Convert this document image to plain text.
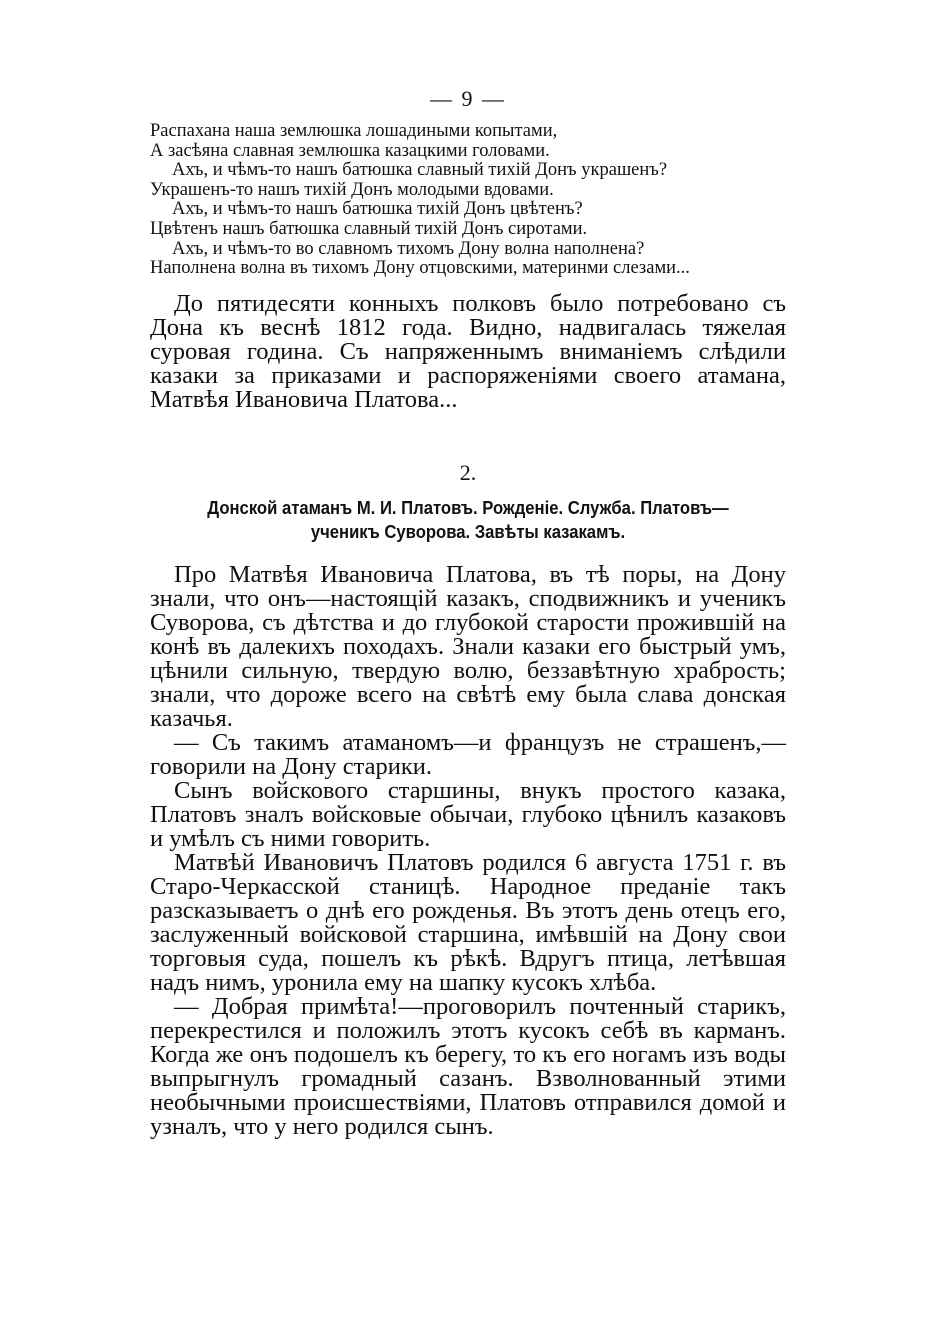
— 9 —
Распахана наша землюшка лошадиными копытами,
А засѣяна славная землюшка казацкими головами.
Ахъ, и чѣмъ-то нашъ батюшка славный тихій Донъ украшенъ?
Украшенъ-то нашъ тихій Донъ молодыми вдовами.
Ахъ, и чѣмъ-то нашъ батюшка тихій Донъ цвѣтенъ?
Цвѣтенъ нашъ батюшка славный тихій Донъ сиротами.
Ахъ, и чѣмъ-то во славномъ тихомъ Дону волна наполнена?
Наполнена волна въ тихомъ Дону отцовскими, материнми слезами...

До пятидесяти конныхъ полковъ было потребовано съ Дона къ веснѣ 1812 года. Видно, надвигалась тяжелая суровая година. Съ напряженнымъ вниманіемъ слѣдили казаки за приказами и распоряженіями своего атамана, Матвѣя Ивановича Платова...

2.
Донской атаманъ М. И. Платовъ. Рожденіе. Служба. Платовъ—
ученикъ Суворова. Завѣты казакамъ.

Про Матвѣя Ивановича Платова, въ тѣ поры, на Дону знали, что онъ—настоящій казакъ, сподвижникъ и ученикъ Суворова, съ дѣтства и до глубокой старости прожившій на конѣ въ далекихъ походахъ. Знали казаки его быстрый умъ, цѣнили сильную, твердую волю, беззавѣтную храбрость; знали, что дороже всего на свѣтѣ ему была слава донская казачья.

— Съ такимъ атаманомъ—и французъ не страшенъ,— говорили на Дону старики.

Сынъ войскового старшины, внукъ простого казака, Платовъ зналъ войсковые обычаи, глубоко цѣнилъ казаковъ и умѣлъ съ ними говорить.

Матвѣй Ивановичъ Платовъ родился 6 августа 1751 г. въ Старо-Черкасской станицѣ. Народное преданіе такъ разсказываетъ о днѣ его рожденья. Въ этотъ день отецъ его, заслуженный войсковой старшина, имѣвшій на Дону свои торговыя суда, пошелъ къ рѣкѣ. Вдругъ птица, летѣвшая надъ нимъ, уронила ему на шапку кусокъ хлѣба.

— Добрая примѣта!—проговорилъ почтенный старикъ, перекрестился и положилъ этотъ кусокъ себѣ въ карманъ. Когда же онъ подошелъ къ берегу, то къ его ногамъ изъ воды выпрыгнулъ громадный сазанъ. Взволнованный этими необычными происшествіями, Платовъ отправился домой и узналъ, что у него родился сынъ.
